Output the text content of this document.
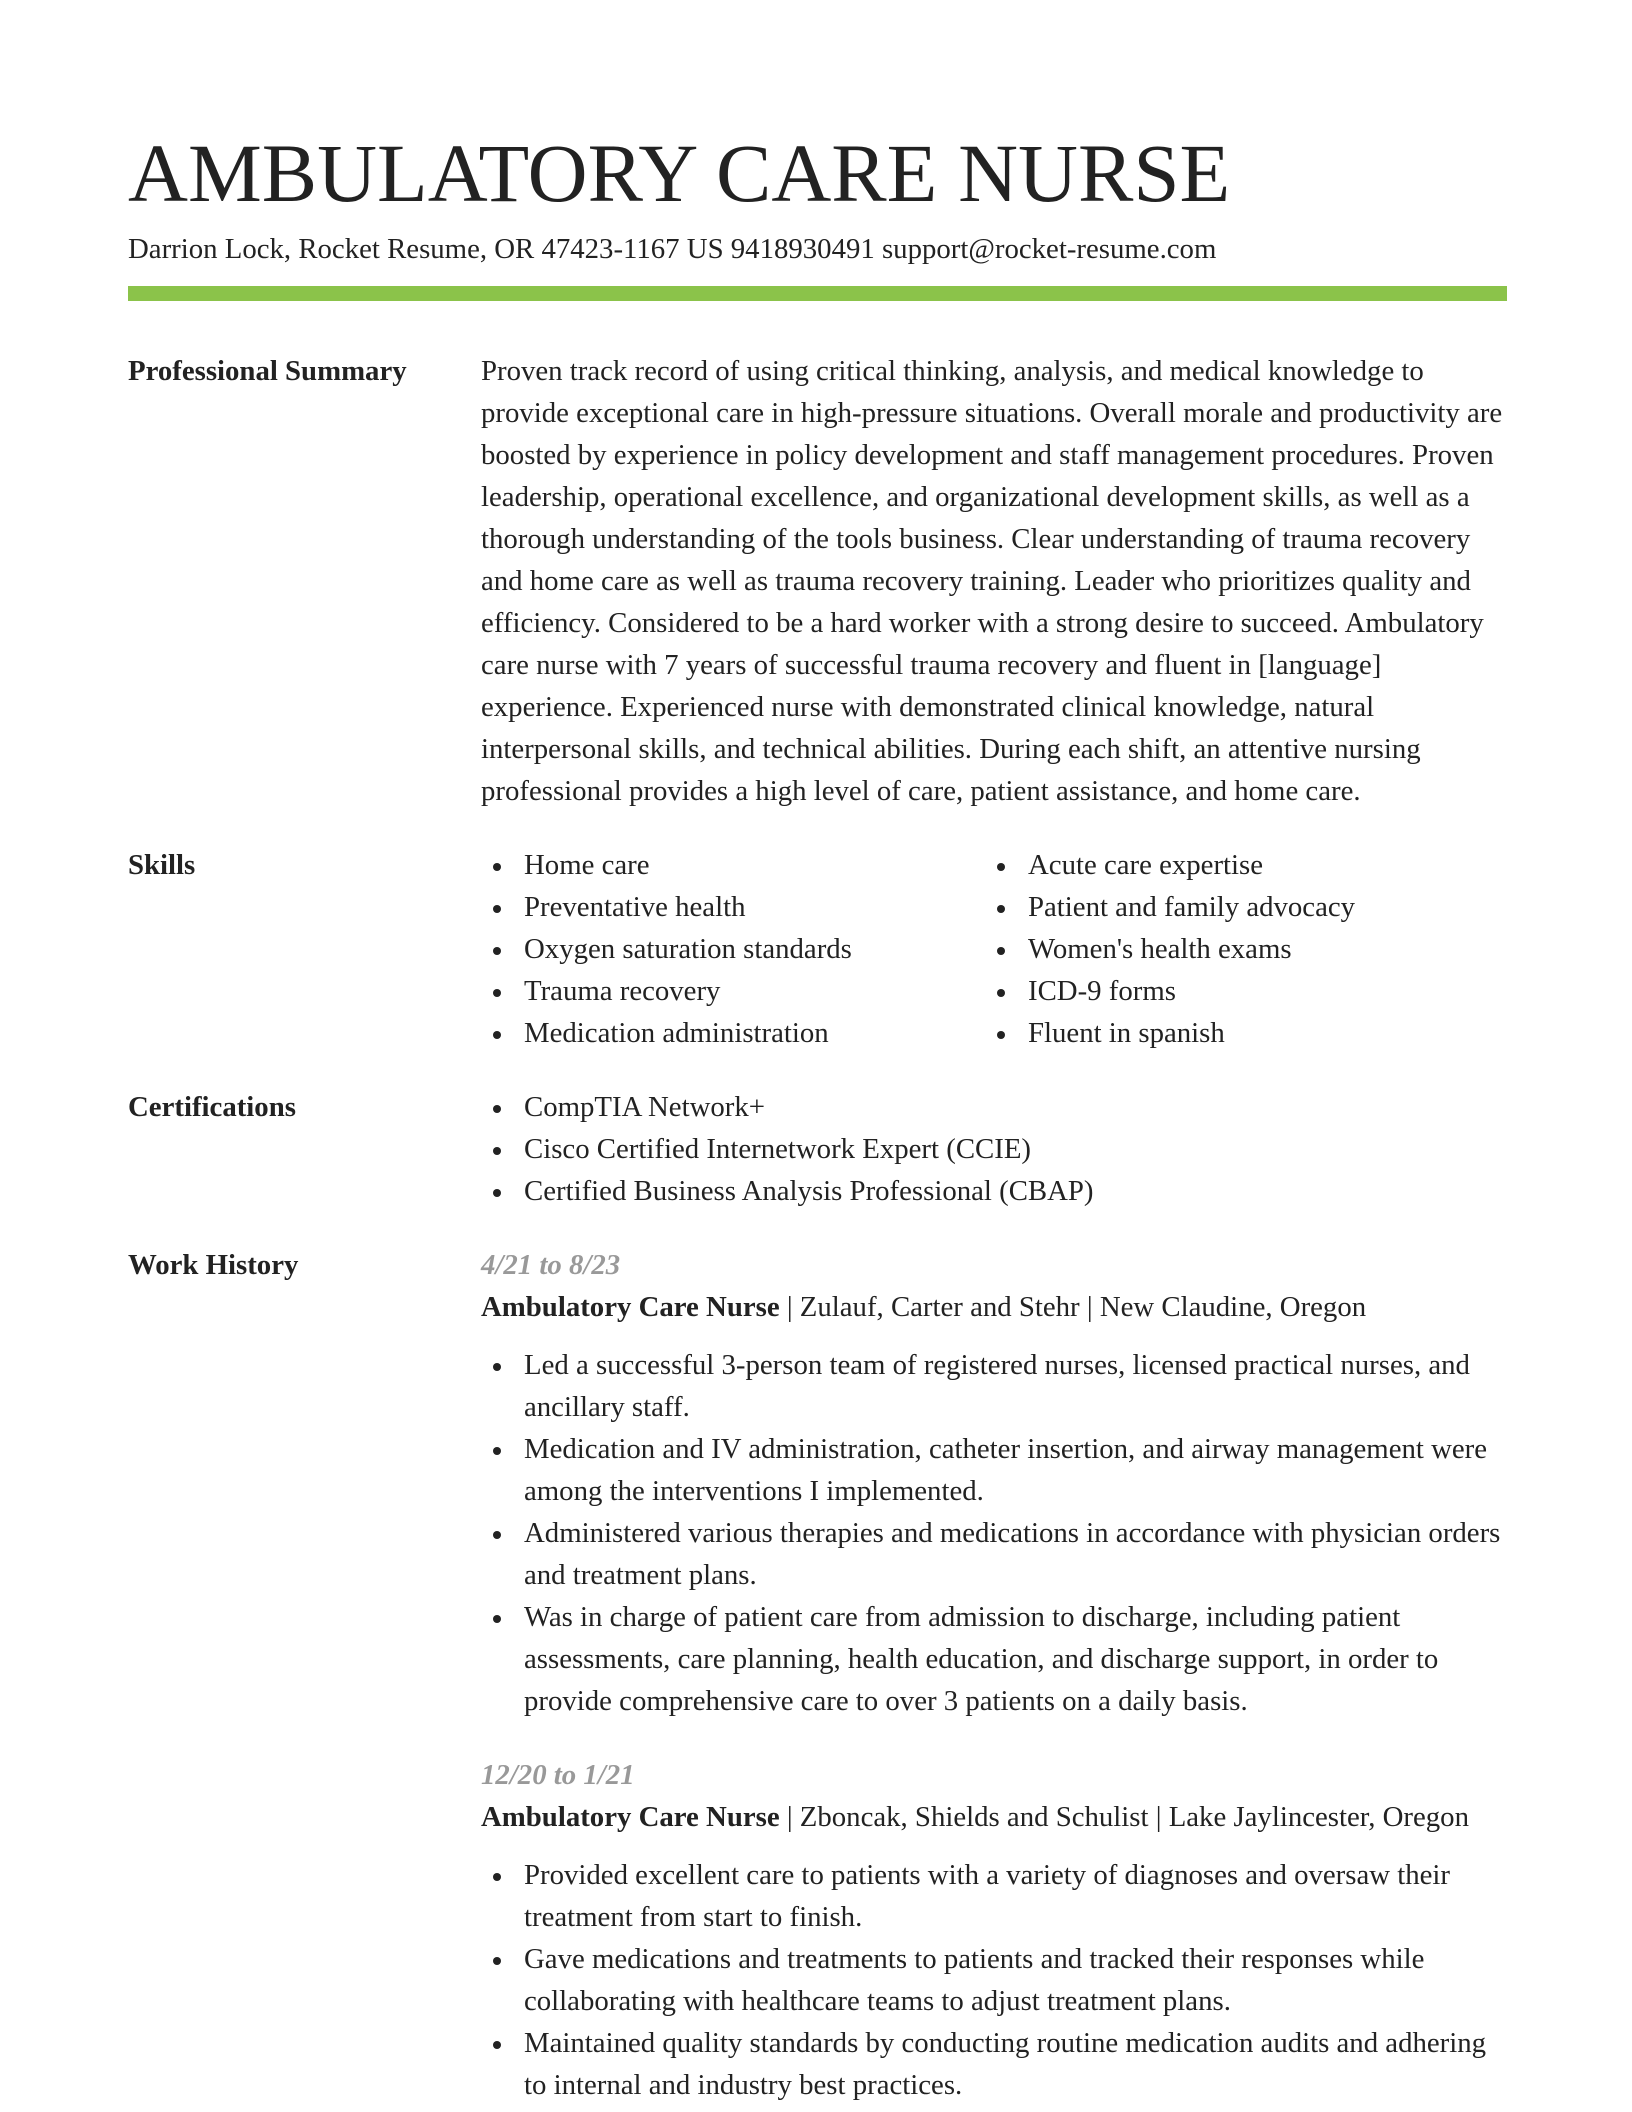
AMBULATORY CARE NURSE

Darrion Lock, Rocket Resume, OR 47423-1167 US 9418930491 support@rocket-resume.com

Professional Summary	Proven track record of using critical thinking, analysis, and medical knowledge to provide exceptional care in high-pressure situations. Overall morale and productivity are boosted by experience in policy development and staff management procedures. Proven leadership, operational excellence, and organizational development skills, as well as a thorough understanding of the tools business. Clear understanding of trauma recovery and home care as well as trauma recovery training. Leader who prioritizes quality and efficiency. Considered to be a hard worker with a strong desire to succeed. Ambulatory care nurse with 7 years of successful trauma recovery and fluent in [language] experience. Experienced nurse with demonstrated clinical knowledge, natural interpersonal skills, and technical abilities. During each shift, an attentive nursing professional provides a high level of care, patient assistance, and home care.

Skills	Home care
Preventative health
Oxygen saturation standards
Trauma recovery
Medication administration
Acute care expertise
Patient and family advocacy
Women's health exams
ICD-9 forms
Fluent in spanish
Certifications	CompTIA Network+
Cisco Certified Internetwork Expert (CCIE)
Certified Business Analysis Professional (CBAP)
Work History	4/21 to 8/23

Ambulatory Care Nurse | Zulauf, Carter and Stehr | New Claudine, Oregon

Led a successful 3-person team of registered nurses, licensed practical nurses, and ancillary staff.
Medication and IV administration, catheter insertion, and airway management were among the interventions I implemented.
Administered various therapies and medications in accordance with physician orders and treatment plans.
Was in charge of patient care from admission to discharge, including patient assessments, care planning, health education, and discharge support, in order to provide comprehensive care to over 3 patients on a daily basis.

12/20 to 1/21

Ambulatory Care Nurse | Zboncak, Shields and Schulist | Lake Jaylincester, Oregon

Provided excellent care to patients with a variety of diagnoses and oversaw their treatment from start to finish.
Gave medications and treatments to patients and tracked their responses while collaborating with healthcare teams to adjust treatment plans.
Maintained quality standards by conducting routine medication audits and adhering to internal and industry best practices.
